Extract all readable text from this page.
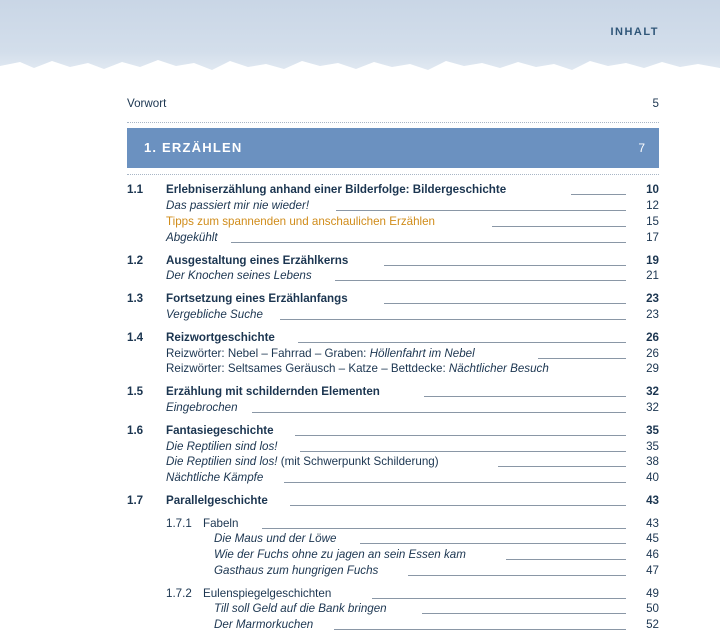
INHALT
Vorwort	5
1. ERZÄHLEN	7
1.1 Erlebniserzählung anhand einer Bilderfolge: Bildergeschichte	10
Das passiert mir nie wieder!	12
Tipps zum spannenden und anschaulichen Erzählen	15
Abgekühlt	17
1.2 Ausgestaltung eines Erzählkerns	19
Der Knochen seines Lebens	21
1.3 Fortsetzung eines Erzählanfangs	23
Vergebliche Suche	23
1.4 Reizwortgeschichte	26
Reizwörter: Nebel – Fahrrad – Graben: Höllenfahrt im Nebel	26
Reizwörter: Seltsames Geräusch – Katze – Bettdecke: Nächtlicher Besuch	29
1.5 Erzählung mit schildernden Elementen	32
Eingebrochen	32
1.6 Fantasiegeschichte	35
Die Reptilien sind los!	35
Die Reptilien sind los! (mit Schwerpunkt Schilderung)	38
Nächtliche Kämpfe	40
1.7 Parallelgeschichte	43
1.7.1 Fabeln	43
Die Maus und der Löwe	45
Wie der Fuchs ohne zu jagen an sein Essen kam	46
Gasthaus zum hungrigen Fuchs	47
1.7.2 Eulenspiegelgeschichten	49
Till soll Geld auf die Bank bringen	50
Der Marmorkuchen	52
